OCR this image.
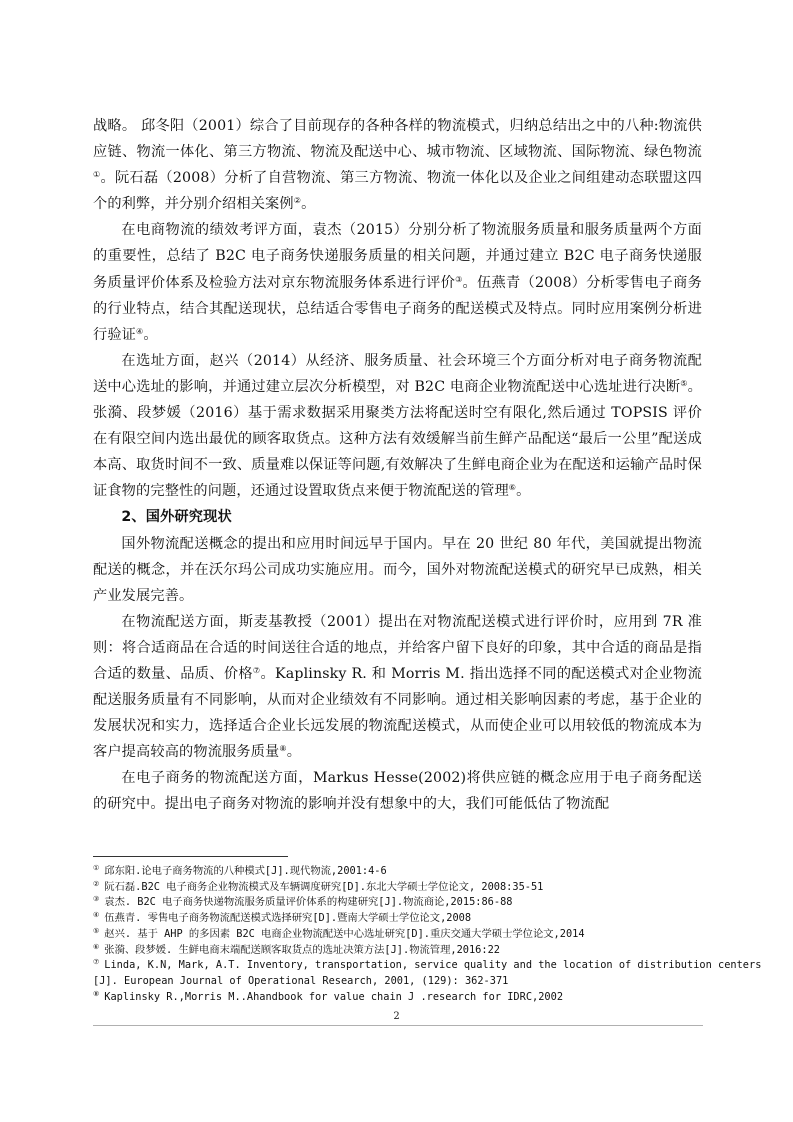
战略。 邱冬阳（2001）综合了目前现存的各种各样的物流模式，归纳总结出之中的八种:物流供应链、物流一体化、第三方物流、物流及配送中心、城市物流、区域物流、国际物流、绿色物流①。阮石磊（2008）分析了自营物流、第三方物流、物流一体化以及企业之间组建动态联盟这四个的利弊，并分别介绍相关案例②。

在电商物流的绩效考评方面，袁杰（2015）分别分析了物流服务质量和服务质量两个方面的重要性，总结了 B2C 电子商务快递服务质量的相关问题，并通过建立 B2C 电子商务快递服务质量评价体系及检验方法对京东物流服务体系进行评价③。伍燕青（2008）分析零售电子商务的行业特点，结合其配送现状，总结适合零售电子商务的配送模式及特点。同时应用案例分析进行验证④。

在选址方面，赵兴（2014）从经济、服务质量、社会环境三个方面分析对电子商务物流配送中心选址的影响，并通过建立层次分析模型，对 B2C 电商企业物流配送中心选址进行决断⑤。张漪、段梦媛（2016）基于需求数据采用聚类方法将配送时空有限化,然后通过 TOPSIS 评价在有限空间内选出最优的顾客取货点。这种方法有效缓解当前生鲜产品配送“最后一公里”配送成本高、取货时间不一致、质量难以保证等问题,有效解决了生鲜电商企业为在配送和运输产品时保证食物的完整性的问题，还通过设置取货点来便于物流配送的管理⑥。

2、国外研究现状

国外物流配送概念的提出和应用时间远早于国内。早在 20 世纪 80 年代，美国就提出物流配送的概念，并在沃尔玛公司成功实施应用。而今，国外对物流配送模式的研究早已成熟，相关产业发展完善。

在物流配送方面，斯麦基教授（2001）提出在对物流配送模式进行评价时，应用到 7R 准则：将合适商品在合适的时间送往合适的地点，并给客户留下良好的印象，其中合适的商品是指合适的数量、品质、价格⑦。Kaplinsky R. 和 Morris M. 指出选择不同的配送模式对企业物流配送服务质量有不同影响，从而对企业绩效有不同影响。通过相关影响因素的考虑，基于企业的发展状况和实力，选择适合企业长远发展的物流配送模式，从而使企业可以用较低的物流成本为客户提高较高的物流服务质量⑧。

在电子商务的物流配送方面，Markus Hesse(2002)将供应链的概念应用于电子商务配送的研究中。提出电子商务对物流的影响并没有想象中的大，我们可能低估了物流配

① 邱东阳.论电子商务物流的八种模式[J].现代物流,2001:4-6
② 阮石磊.B2C 电子商务企业物流模式及车辆调度研究[D].东北大学硕士学位论文, 2008:35-51
③ 袁杰. B2C 电子商务快递物流服务质量评价体系的构建研究[J].物流商论,2015:86-88
④ 伍燕青. 零售电子商务物流配送模式选择研究[D].暨南大学硕士学位论文,2008
⑤ 赵兴. 基于 AHP 的多因素 B2C 电商企业物流配送中心选址研究[D].重庆交通大学硕士学位论文,2014
⑥ 张漪、段梦媛. 生鲜电商末端配送顾客取货点的选址决策方法[J].物流管理,2016:22
⑦ Linda, K.N, Mark, A.T. Inventory, transportation, service quality and the location of distribution centers
[J]. European Journal of Operational Research, 2001, (129): 362-371
⑧ Kaplinsky R.,Morris M..Ahandbook for value chain J .research for IDRC,2002
2
